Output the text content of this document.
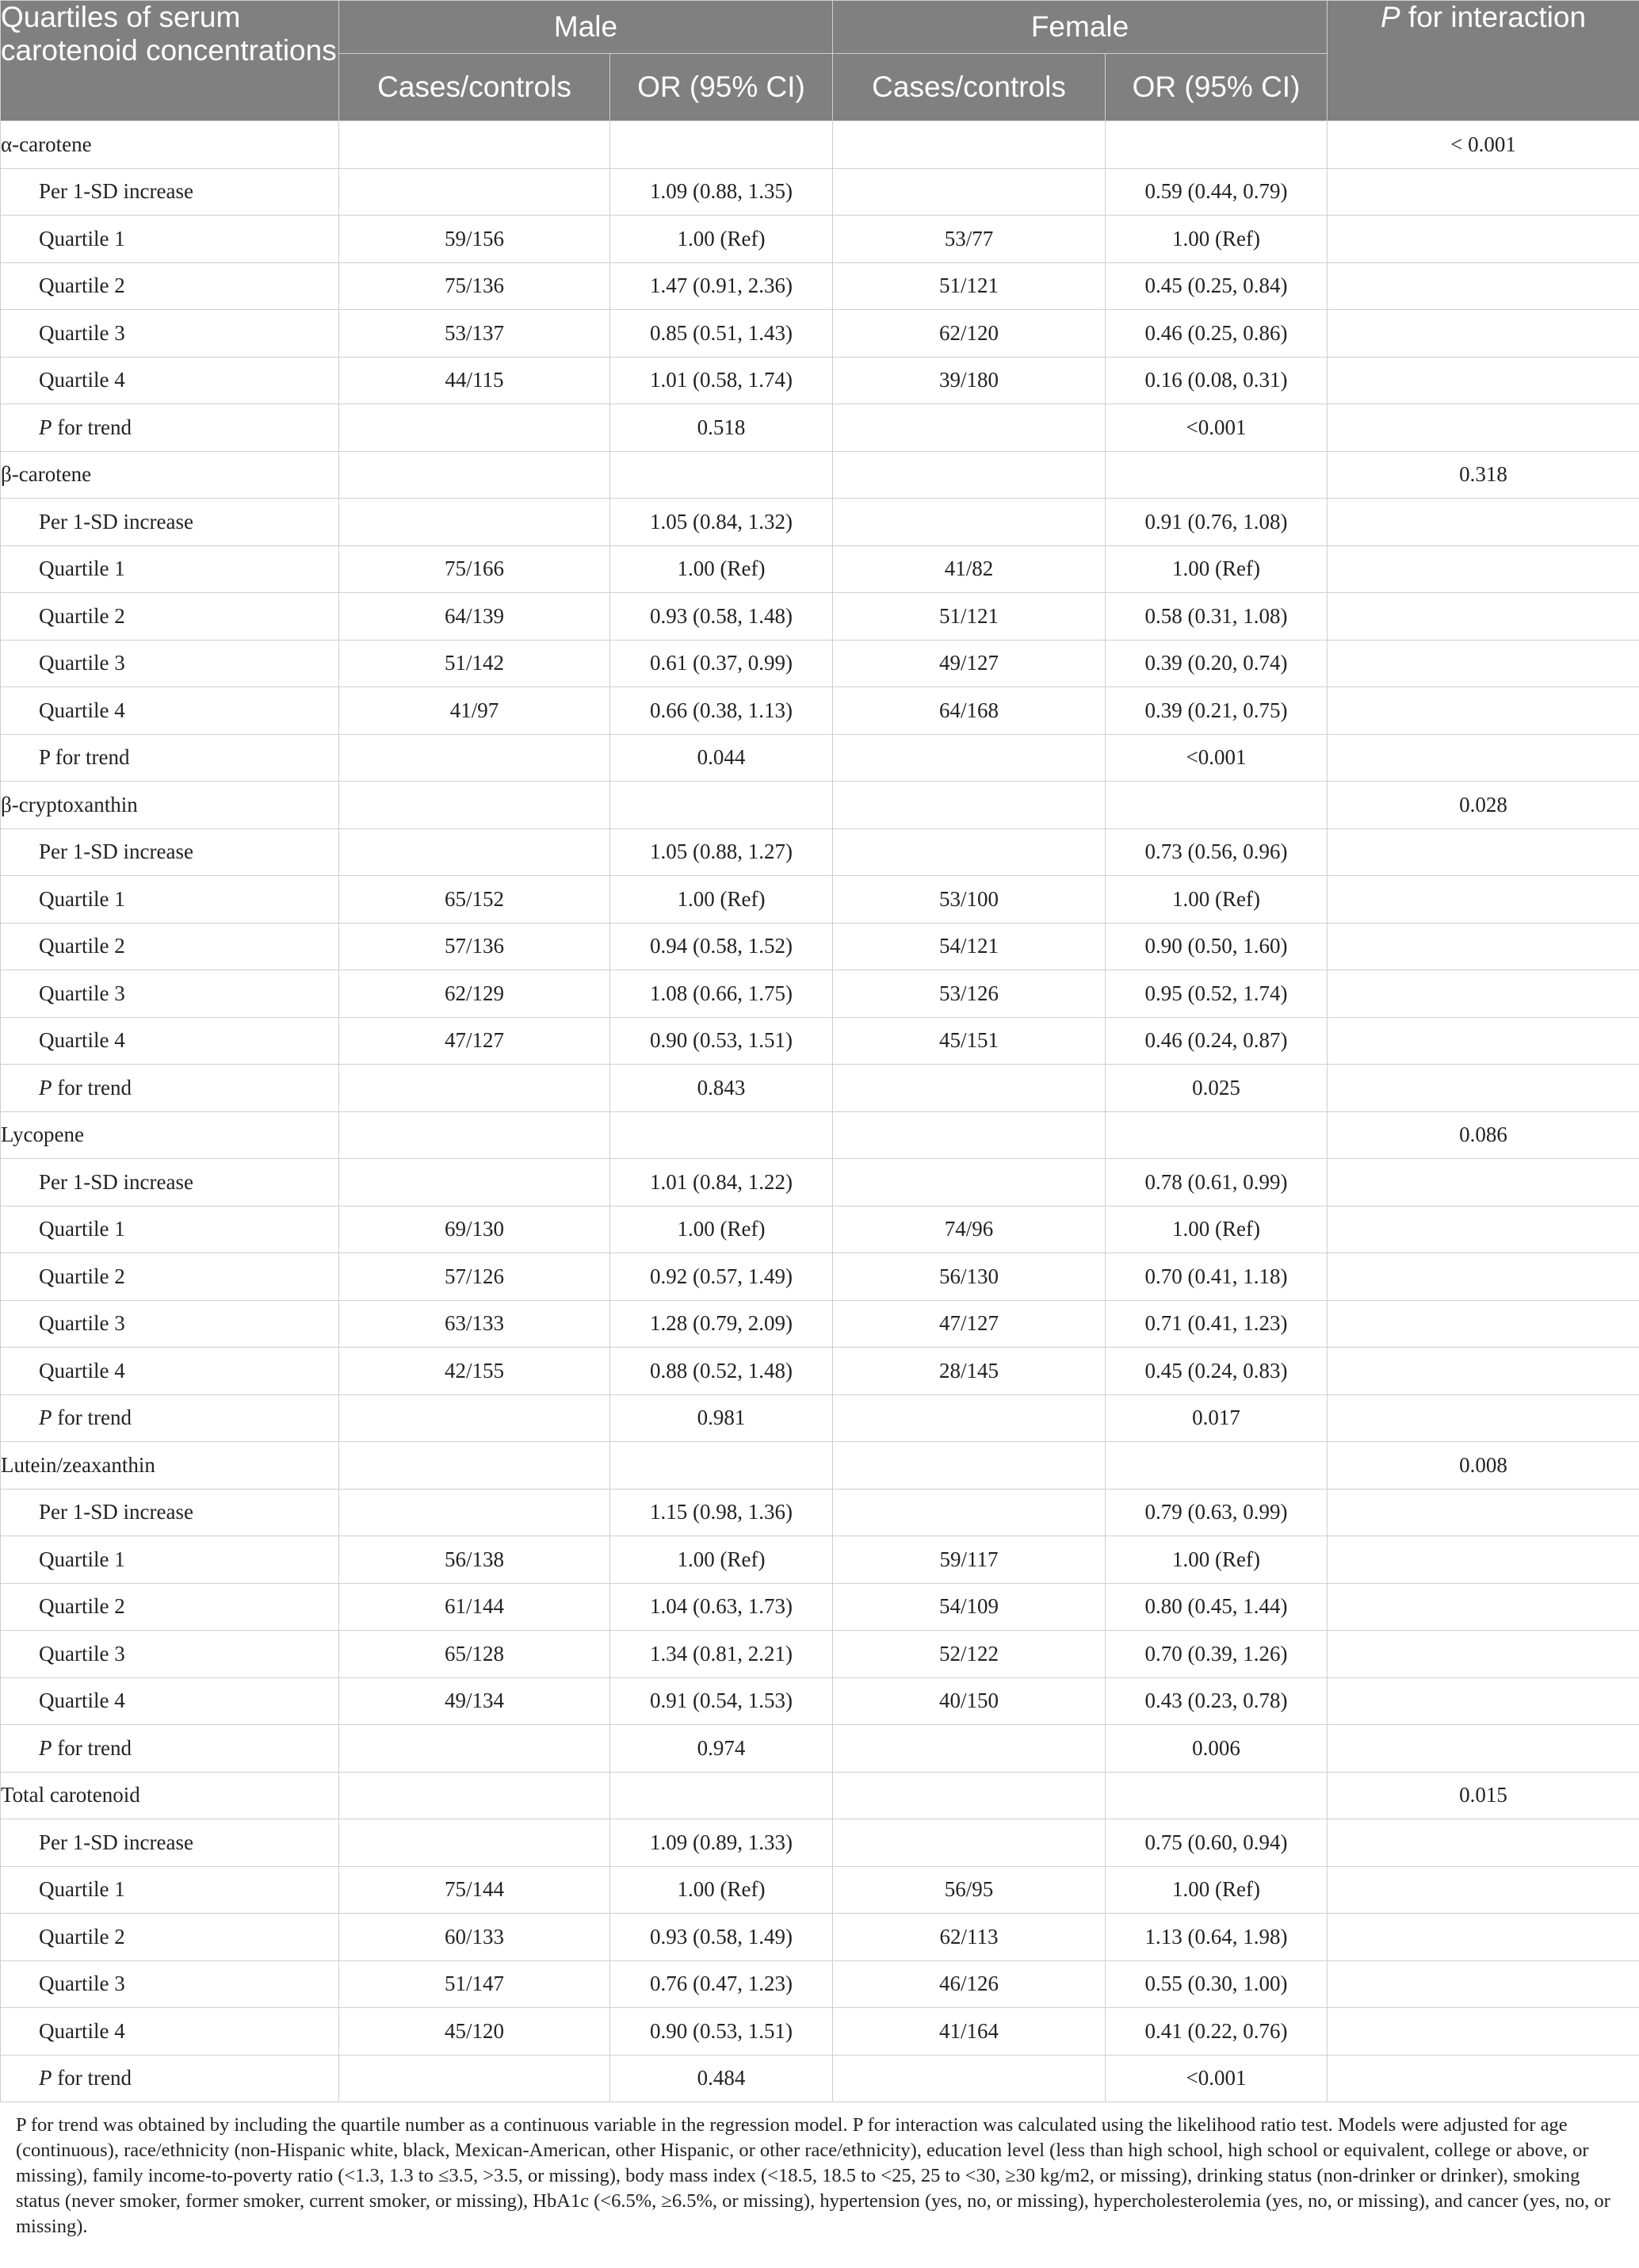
Quartiles of serum carotenoid concentrations	Male		Female		P for interaction
	Cases/controls	OR (95% CI)	Cases/controls	OR (95% CI)	
α-carotene					< 0.001
Per 1-SD increase		1.09 (0.88, 1.35)		0.59 (0.44, 0.79)	
Quartile 1	59/156	1.00 (Ref)	53/77	1.00 (Ref)	
Quartile 2	75/136	1.47 (0.91, 2.36)	51/121	0.45 (0.25, 0.84)	
Quartile 3	53/137	0.85 (0.51, 1.43)	62/120	0.46 (0.25, 0.86)	
Quartile 4	44/115	1.01 (0.58, 1.74)	39/180	0.16 (0.08, 0.31)	
P for trend		0.518		<0.001	
β-carotene					0.318
Per 1-SD increase		1.05 (0.84, 1.32)		0.91 (0.76, 1.08)	
Quartile 1	75/166	1.00 (Ref)	41/82	1.00 (Ref)	
Quartile 2	64/139	0.93 (0.58, 1.48)	51/121	0.58 (0.31, 1.08)	
Quartile 3	51/142	0.61 (0.37, 0.99)	49/127	0.39 (0.20, 0.74)	
Quartile 4	41/97	0.66 (0.38, 1.13)	64/168	0.39 (0.21, 0.75)	
P for trend		0.044		<0.001	
β-cryptoxanthin					0.028
Per 1-SD increase		1.05 (0.88, 1.27)		0.73 (0.56, 0.96)	
Quartile 1	65/152	1.00 (Ref)	53/100	1.00 (Ref)	
Quartile 2	57/136	0.94 (0.58, 1.52)	54/121	0.90 (0.50, 1.60)	
Quartile 3	62/129	1.08 (0.66, 1.75)	53/126	0.95 (0.52, 1.74)	
Quartile 4	47/127	0.90 (0.53, 1.51)	45/151	0.46 (0.24, 0.87)	
P for trend		0.843		0.025	
Lycopene					0.086
Per 1-SD increase		1.01 (0.84, 1.22)		0.78 (0.61, 0.99)	
Quartile 1	69/130	1.00 (Ref)	74/96	1.00 (Ref)	
Quartile 2	57/126	0.92 (0.57, 1.49)	56/130	0.70 (0.41, 1.18)	
Quartile 3	63/133	1.28 (0.79, 2.09)	47/127	0.71 (0.41, 1.23)	
Quartile 4	42/155	0.88 (0.52, 1.48)	28/145	0.45 (0.24, 0.83)	
P for trend		0.981		0.017	
Lutein/zeaxanthin					0.008
Per 1-SD increase		1.15 (0.98, 1.36)		0.79 (0.63, 0.99)	
Quartile 1	56/138	1.00 (Ref)	59/117	1.00 (Ref)	
Quartile 2	61/144	1.04 (0.63, 1.73)	54/109	0.80 (0.45, 1.44)	
Quartile 3	65/128	1.34 (0.81, 2.21)	52/122	0.70 (0.39, 1.26)	
Quartile 4	49/134	0.91 (0.54, 1.53)	40/150	0.43 (0.23, 0.78)	
P for trend		0.974		0.006	
Total carotenoid					0.015
Per 1-SD increase		1.09 (0.89, 1.33)		0.75 (0.60, 0.94)	
Quartile 1	75/144	1.00 (Ref)	56/95	1.00 (Ref)	
Quartile 2	60/133	0.93 (0.58, 1.49)	62/113	1.13 (0.64, 1.98)	
Quartile 3	51/147	0.76 (0.47, 1.23)	46/126	0.55 (0.30, 1.00)	
Quartile 4	45/120	0.90 (0.53, 1.51)	41/164	0.41 (0.22, 0.76)	
P for trend		0.484		<0.001	

P for trend was obtained by including the quartile number as a continuous variable in the regression model. P for interaction was calculated using the likelihood ratio test. Models were adjusted for age (continuous), race/ethnicity (non-Hispanic white, black, Mexican-American, other Hispanic, or other race/ethnicity), education level (less than high school, high school or equivalent, college or above, or missing), family income-to-poverty ratio (<1.3, 1.3 to ≤3.5, >3.5, or missing), body mass index (<18.5, 18.5 to <25, 25 to <30, ≥30 kg/m2, or missing), drinking status (non-drinker or drinker), smoking status (never smoker, former smoker, current smoker, or missing), HbA1c (<6.5%, ≥6.5%, or missing), hypertension (yes, no, or missing), hypercholesterolemia (yes, no, or missing), and cancer (yes, no, or missing).
